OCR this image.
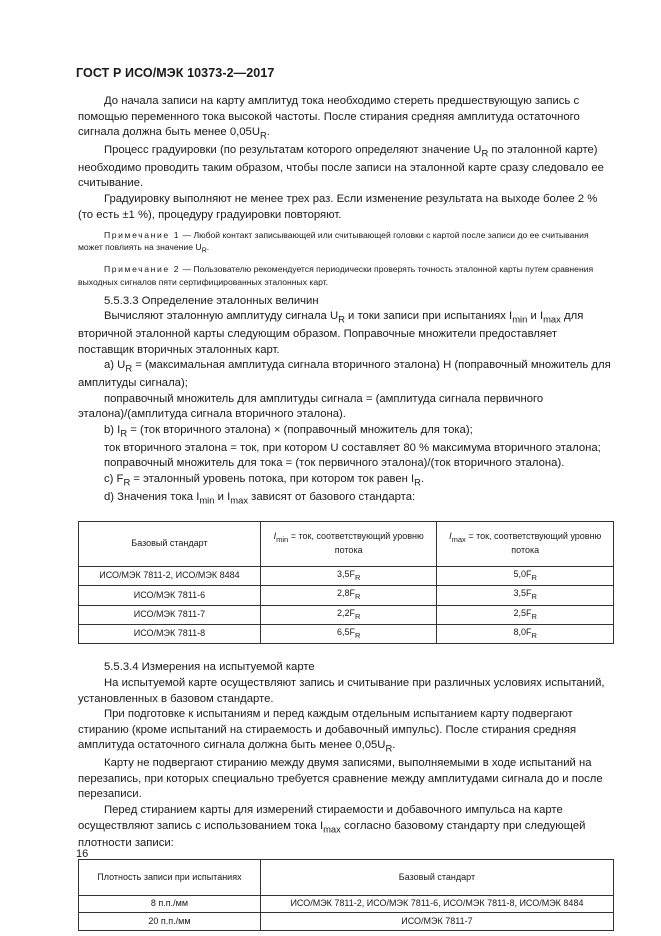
ГОСТ Р ИСО/МЭК 10373-2—2017

До начала записи на карту амплитуд тока необходимо стереть предшествующую запись с помощью переменного тока высокой частоты. После стирания средняя амплитуда остаточного сигнала должна быть менее $0,05U_R$.

Процесс градуировки (по результатам которого определяют значение $U_R$ по эталонной карте) необходимо проводить таким образом, чтобы после записи на эталонной карте сразу следовало ее считывание.

Градуировку выполняют не менее трех раз. Если изменение результата на выходе более 2 % (то есть ±1 %), процедуру градуировки повторяют.

Примечание 1 — Любой контакт записывающей или считывающей головки с картой после записи до ее считывания может повлиять на значение $U_R$.

Примечание 2 — Пользователю рекомендуется периодически проверять точность эталонной карты путем сравнения выходных сигналов пяти сертифицированных эталонных карт.

5.5.3.3 Определение эталонных величин

Вычисляют эталонную амплитуду сигнала $U_R$ и токи записи при испытаниях $I_{min}$ и $I_{max}$ для вторичной эталонной карты следующим образом. Поправочные множители предоставляет поставщик вторичных эталонных карт.

a) $U_R$ = (максимальная амплитуда сигнала вторичного эталона) Н (поправочный множитель для амплитуды сигнала);

поправочный множитель для амплитуды сигнала = (амплитуда сигнала первичного эталона)/(амплитуда сигнала вторичного эталона).

b) $I_R = (ток$ вторичного эталона) × (поправочный множитель для тока);

ток вторичного эталона = ток, при котором U составляет 80 % максимума вторичного эталона;

поправочный множитель для тока = (ток первичного эталона)/(ток вторичного эталона).

c) $F_R$ = эталонный уровень потока, при котором ток равен $I_R$.

d) Значения тока $I_{min}$ и $I_{max}$ зависят от базового стандарта:

Базовый стандарт	$I_{min}$ = ток, соответствующий уровню потока	$I_{max}$ = ток, соответствующий уровню потока
ИСО/МЭК 7811-2, ИСО/МЭК 8484	$3,5F_R$	$5,0F_R$
ИСО/МЭК 7811-6	$2,8F_R$	$3,5F_R$
ИСО/МЭК 7811-7	$2,2F_R$	$2,5F_R$
ИСО/МЭК 7811-8	$6,5F_R$	$8,0F_R$

5.5.3.4 Измерения на испытуемой карте

На испытуемой карте осуществляют запись и считывание при различных условиях испытаний, установленных в базовом стандарте.

При подготовке к испытаниям и перед каждым отдельным испытанием карту подвергают стиранию (кроме испытаний на стираемость и добавочный импульс). После стирания средняя амплитуда остаточного сигнала должна быть менее $0,05U_R$.

Карту не подвергают стиранию между двумя записями, выполняемыми в ходе испытаний на перезапись, при которых специально требуется сравнение между амплитудами сигнала до и после перезаписи.

Перед стиранием карты для измерений стираемости и добавочного импульса на карте осуществляют запись с использованием тока $I_{max}$ согласно базовому стандарту при следующей плотности записи:

Плотность записи при испытаниях	Базовый стандарт
8 п.п./мм	ИСО/МЭК 7811-2, ИСО/МЭК 7811-6, ИСО/МЭК 7811-8, ИСО/МЭК 8484
20 п.п./мм	ИСО/МЭК 7811-7
16
